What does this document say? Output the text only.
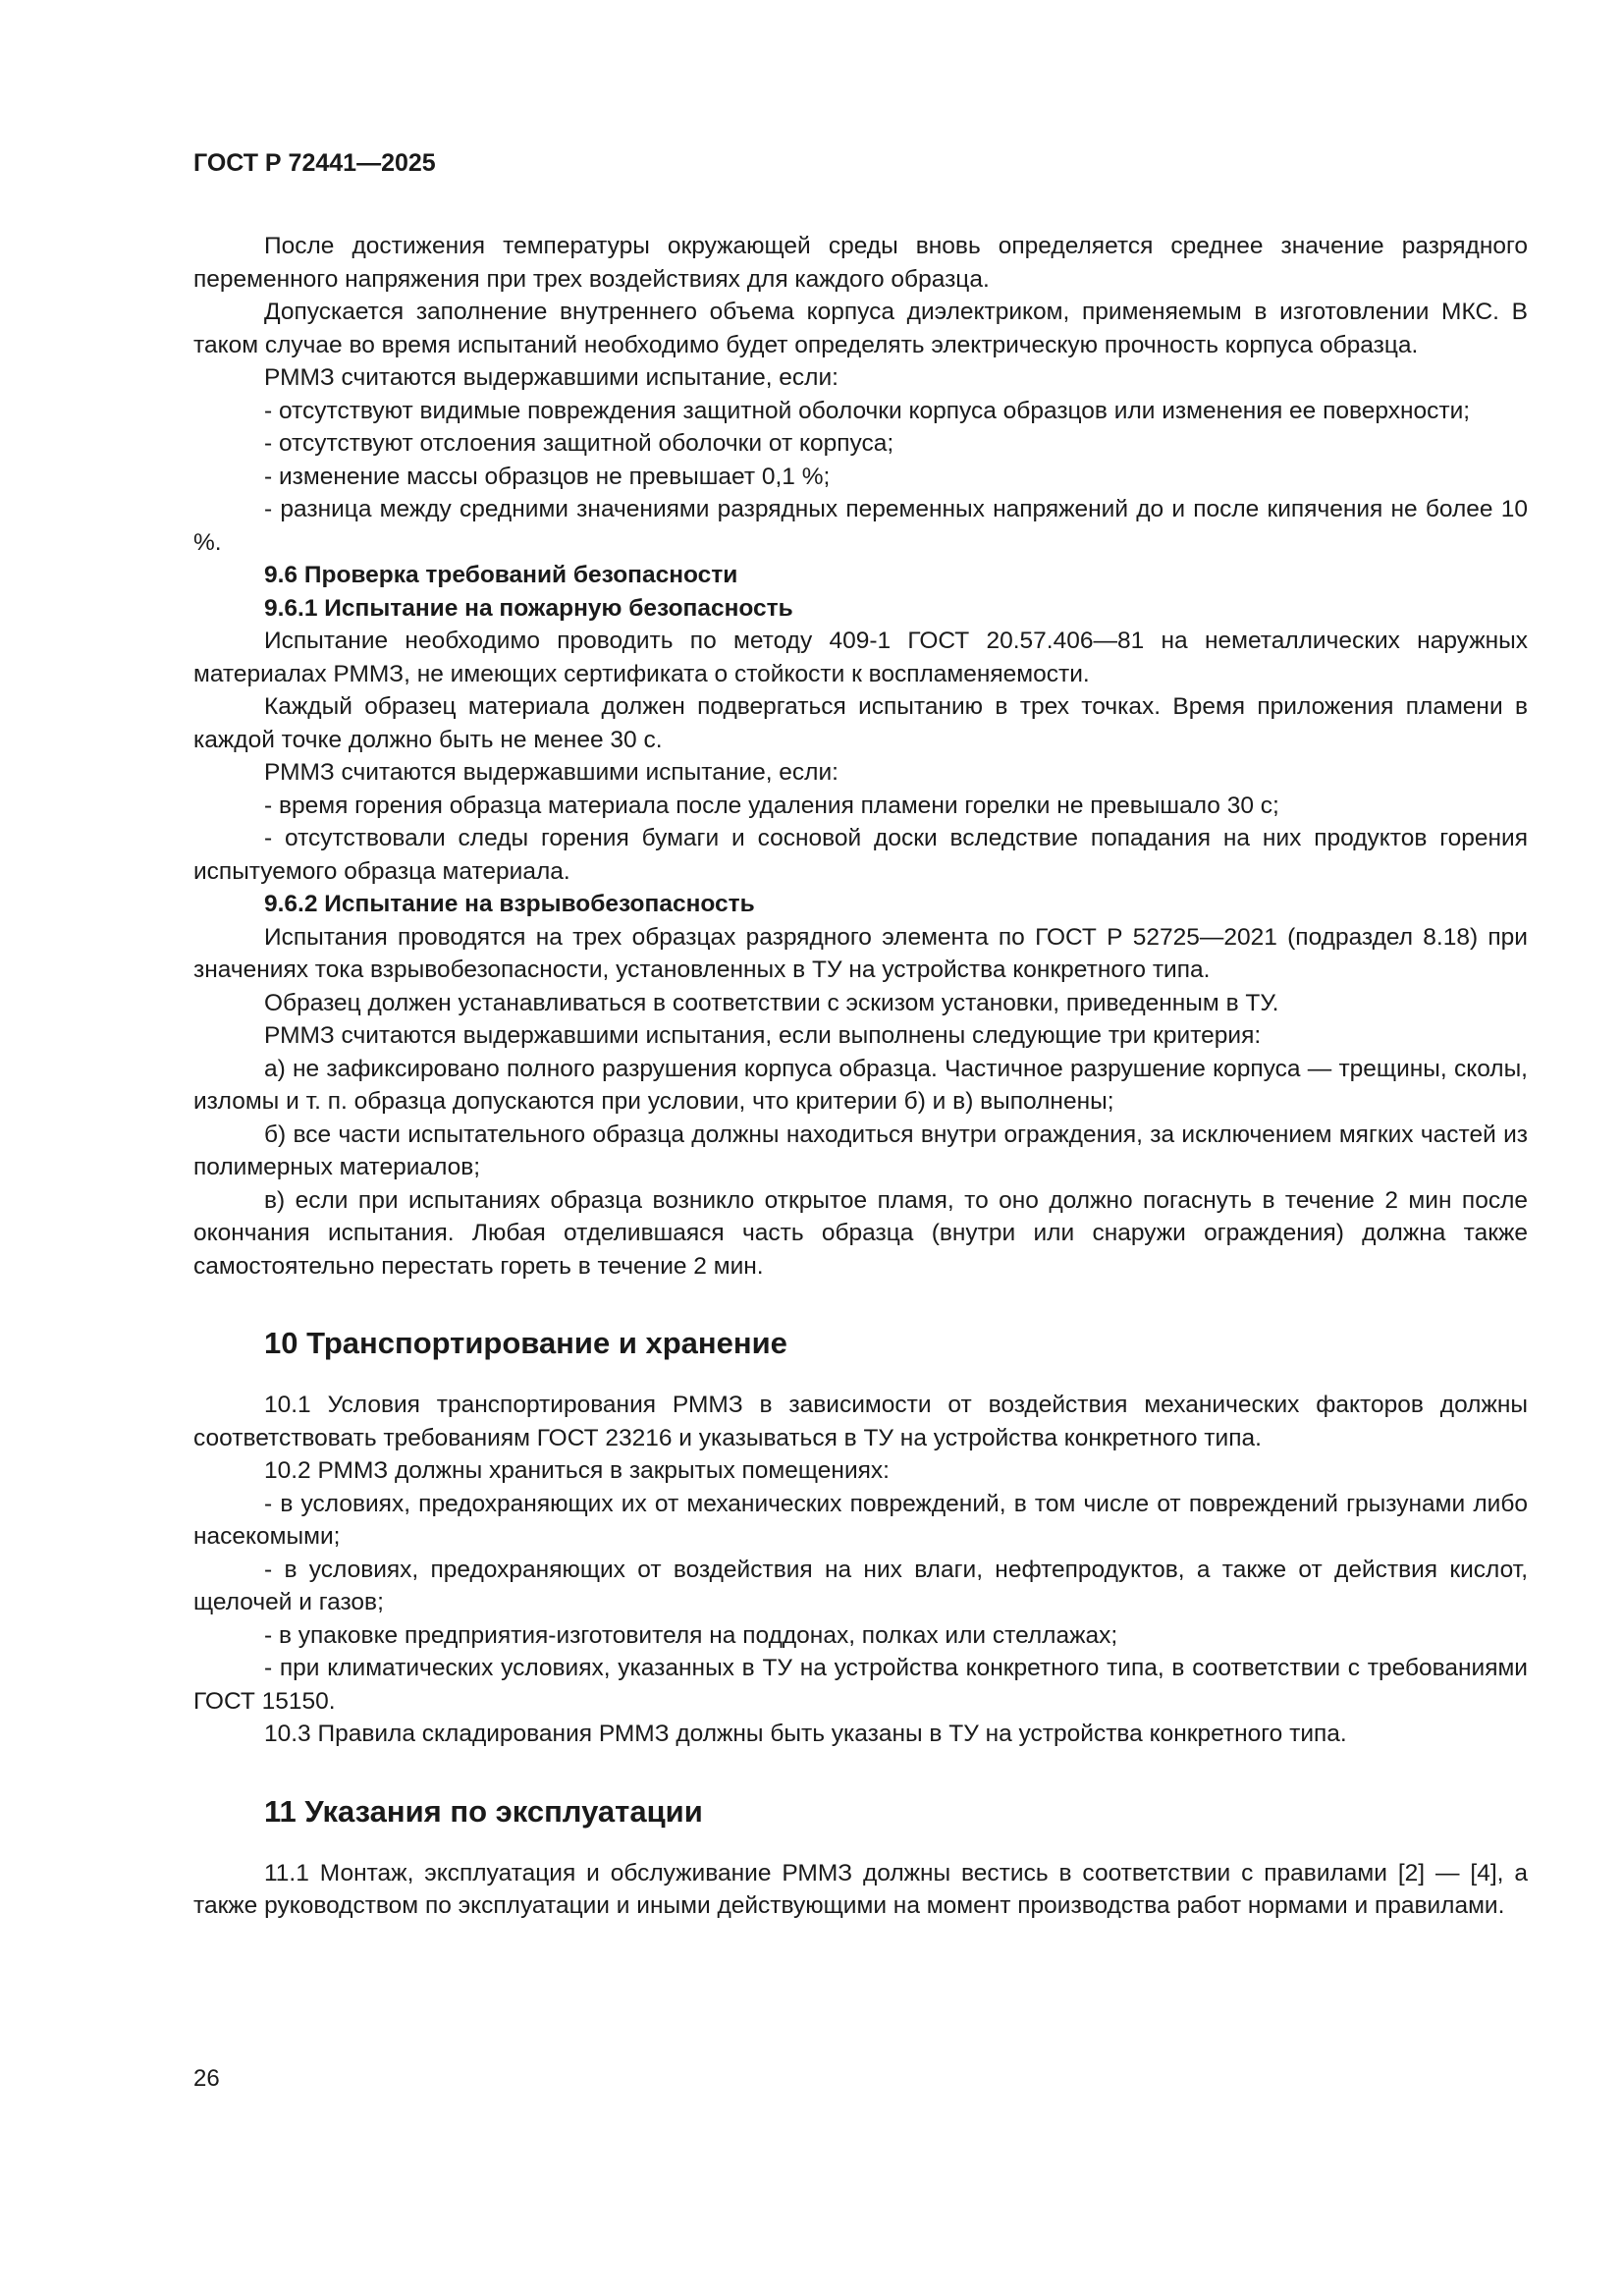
ГОСТ Р 72441—2025

После достижения температуры окружающей среды вновь определяется среднее значение разрядного переменного напряжения при трех воздействиях для каждого образца.

Допускается заполнение внутреннего объема корпуса диэлектриком, применяемым в изготовлении МКС. В таком случае во время испытаний необходимо будет определять электрическую прочность корпуса образца.

РММЗ считаются выдержавшими испытание, если:

- отсутствуют видимые повреждения защитной оболочки корпуса образцов или изменения ее поверхности;

- отсутствуют отслоения защитной оболочки от корпуса;

- изменение массы образцов не превышает 0,1 %;

- разница между средними значениями разрядных переменных напряжений до и после кипячения не более 10 %.

9.6 Проверка требований безопасности

9.6.1 Испытание на пожарную безопасность

Испытание необходимо проводить по методу 409-1 ГОСТ 20.57.406—81 на неметаллических наружных материалах РММЗ, не имеющих сертификата о стойкости к воспламеняемости.

Каждый образец материала должен подвергаться испытанию в трех точках. Время приложения пламени в каждой точке должно быть не менее 30 с.

РММЗ считаются выдержавшими испытание, если:

- время горения образца материала после удаления пламени горелки не превышало 30 с;

- отсутствовали следы горения бумаги и сосновой доски вследствие попадания на них продуктов горения испытуемого образца материала.

9.6.2 Испытание на взрывобезопасность

Испытания проводятся на трех образцах разрядного элемента по ГОСТ Р 52725—2021 (подраздел 8.18) при значениях тока взрывобезопасности, установленных в ТУ на устройства конкретного типа.

Образец должен устанавливаться в соответствии с эскизом установки, приведенным в ТУ.

РММЗ считаются выдержавшими испытания, если выполнены следующие три критерия:

а) не зафиксировано полного разрушения корпуса образца. Частичное разрушение корпуса — трещины, сколы, изломы и т. п. образца допускаются при условии, что критерии б) и в) выполнены;

б) все части испытательного образца должны находиться внутри ограждения, за исключением мягких частей из полимерных материалов;

в) если при испытаниях образца возникло открытое пламя, то оно должно погаснуть в течение 2 мин после окончания испытания. Любая отделившаяся часть образца (внутри или снаружи ограждения) должна также самостоятельно перестать гореть в течение 2 мин.

10 Транспортирование и хранение

10.1 Условия транспортирования РММЗ в зависимости от воздействия механических факторов должны соответствовать требованиям ГОСТ 23216 и указываться в ТУ на устройства конкретного типа.

10.2 РММЗ должны храниться в закрытых помещениях:

- в условиях, предохраняющих их от механических повреждений, в том числе от повреждений грызунами либо насекомыми;

- в условиях, предохраняющих от воздействия на них влаги, нефтепродуктов, а также от действия кислот, щелочей и газов;

- в упаковке предприятия-изготовителя на поддонах, полках или стеллажах;

- при климатических условиях, указанных в ТУ на устройства конкретного типа, в соответствии с требованиями ГОСТ 15150.

10.3 Правила складирования РММЗ должны быть указаны в ТУ на устройства конкретного типа.

11 Указания по эксплуатации

11.1 Монтаж, эксплуатация и обслуживание РММЗ должны вестись в соответствии с правилами [2] — [4], а также руководством по эксплуатации и иными действующими на момент производства работ нормами и правилами.

26
